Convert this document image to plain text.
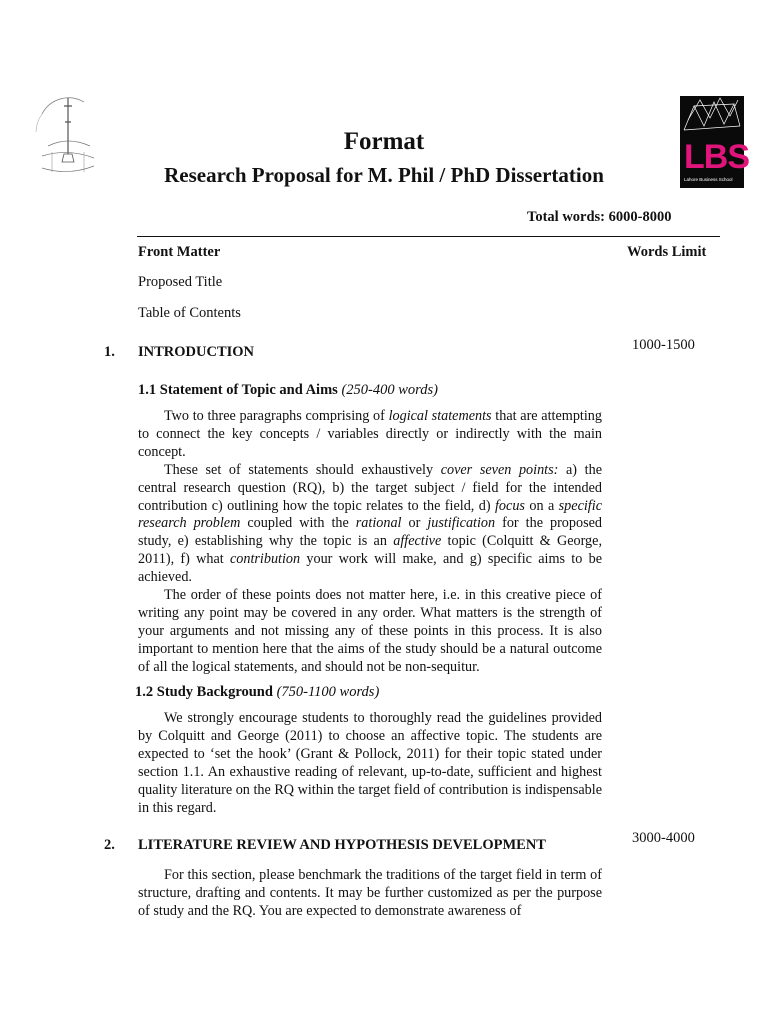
LBS
Lahore Business School
Format
Research Proposal for M. Phil / PhD Dissertation
Total words: 6000-8000
Front Matter	Words Limit
Proposed Title
Table of Contents
1. INTRODUCTION	1000-1500
1.1 Statement of Topic and Aims (250-400 words)

Two to three paragraphs comprising of logical statements that are attempting to connect the key concepts / variables directly or indirectly with the main concept.

These set of statements should exhaustively cover seven points: a) the central research question (RQ), b) the target subject / field for the intended contribution c) outlining how the topic relates to the field, d) focus on a specific research problem coupled with the rational or justification for the proposed study, e) establishing why the topic is an affective topic (Colquitt & George, 2011), f) what contribution your work will make, and g) specific aims to be achieved.

The order of these points does not matter here, i.e. in this creative piece of writing any point may be covered in any order. What matters is the strength of your arguments and not missing any of these points in this process. It is also important to mention here that the aims of the study should be a natural outcome of all the logical statements, and should not be non-sequitur.

1.2 Study Background (750-1100 words)

We strongly encourage students to thoroughly read the guidelines provided by Colquitt and George (2011) to choose an affective topic. The students are expected to ‘set the hook’ (Grant & Pollock, 2011) for their topic stated under section 1.1. An exhaustive reading of relevant, up-to-date, sufficient and highest quality literature on the RQ within the target field of contribution is indispensable in this regard.

2. LITERATURE REVIEW AND HYPOTHESIS DEVELOPMENT	3000-4000

For this section, please benchmark the traditions of the target field in term of structure, drafting and contents. It may be further customized as per the purpose of study and the RQ. You are expected to demonstrate awareness of
